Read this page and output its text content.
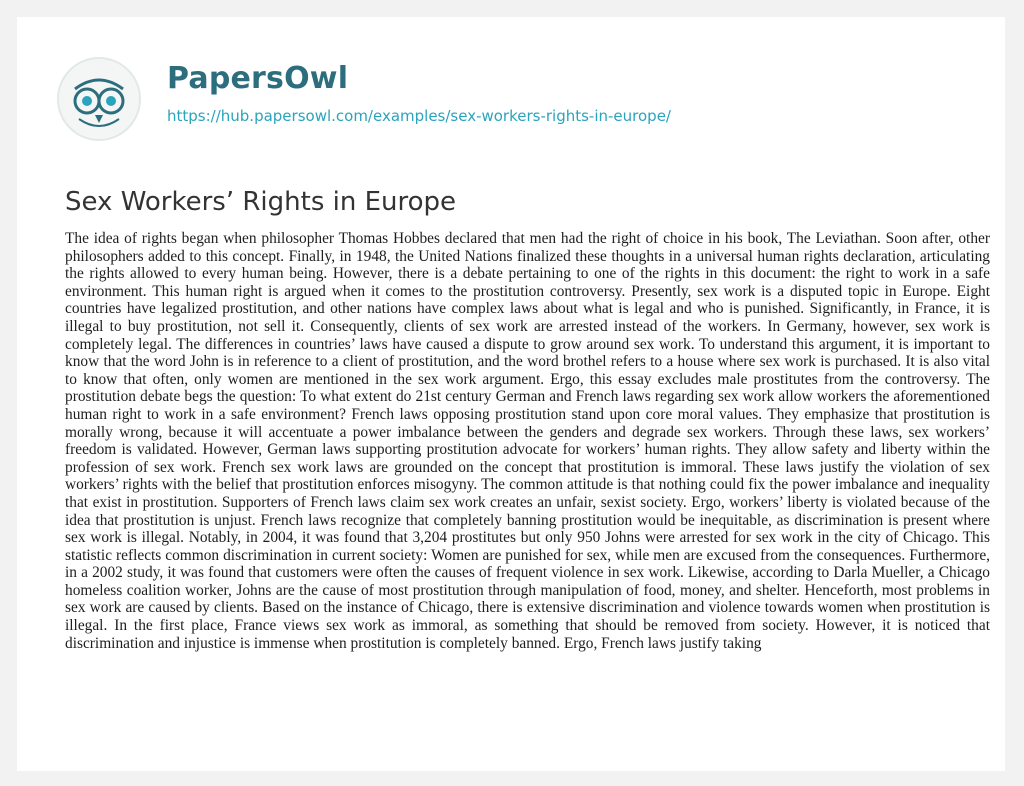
PapersOwl
https://hub.papersowl.com/examples/sex-workers-rights-in-europe/
Sex Workers’ Rights in Europe

The idea of rights began when philosopher Thomas Hobbes declared that men had the right of choice in his book, The Leviathan. Soon after, other philosophers added to this concept. Finally, in 1948, the United Nations finalized these thoughts in a universal human rights declaration, articulating the rights allowed to every human being. However, there is a debate pertaining to one of the rights in this document: the right to work in a safe environment. This human right is argued when it comes to the prostitution controversy. Presently, sex work is a disputed topic in Europe. Eight countries have legalized prostitution, and other nations have complex laws about what is legal and who is punished. Significantly, in France, it is illegal to buy prostitution, not sell it. Consequently, clients of sex work are arrested instead of the workers. In Germany, however, sex work is completely legal. The differences in countries’ laws have caused a dispute to grow around sex work. To understand this argument, it is important to know that the word John is in reference to a client of prostitution, and the word brothel refers to a house where sex work is purchased. It is also vital to know that often, only women are mentioned in the sex work argument. Ergo, this essay excludes male prostitutes from the controversy. The prostitution debate begs the question: To what extent do 21st century German and French laws regarding sex work allow workers the aforementioned human right to work in a safe environment? French laws opposing prostitution stand upon core moral values. They emphasize that prostitution is morally wrong, because it will accentuate a power imbalance between the genders and degrade sex workers. Through these laws, sex workers’ freedom is validated. However, German laws supporting prostitution advocate for workers’ human rights. They allow safety and liberty within the profession of sex work. French sex work laws are grounded on the concept that prostitution is immoral. These laws justify the violation of sex workers’ rights with the belief that prostitution enforces misogyny. The common attitude is that nothing could fix the power imbalance and inequality that exist in prostitution. Supporters of French laws claim sex work creates an unfair, sexist society. Ergo, workers’ liberty is violated because of the idea that prostitution is unjust. French laws recognize that completely banning prostitution would be inequitable, as discrimination is present where sex work is illegal. Notably, in 2004, it was found that 3,204 prostitutes but only 950 Johns were arrested for sex work in the city of Chicago. This statistic reflects common discrimination in current society: Women are punished for sex, while men are excused from the consequences. Furthermore, in a 2002 study, it was found that customers were often the causes of frequent violence in sex work. Likewise, according to Darla Mueller, a Chicago homeless coalition worker, Johns are the cause of most prostitution through manipulation of food, money, and shelter. Henceforth, most problems in sex work are caused by clients. Based on the instance of Chicago, there is extensive discrimination and violence towards women when prostitution is illegal. In the first place, France views sex work as immoral, as something that should be removed from society. However, it is noticed that discrimination and injustice is immense when prostitution is completely banned. Ergo, French laws justify taking
